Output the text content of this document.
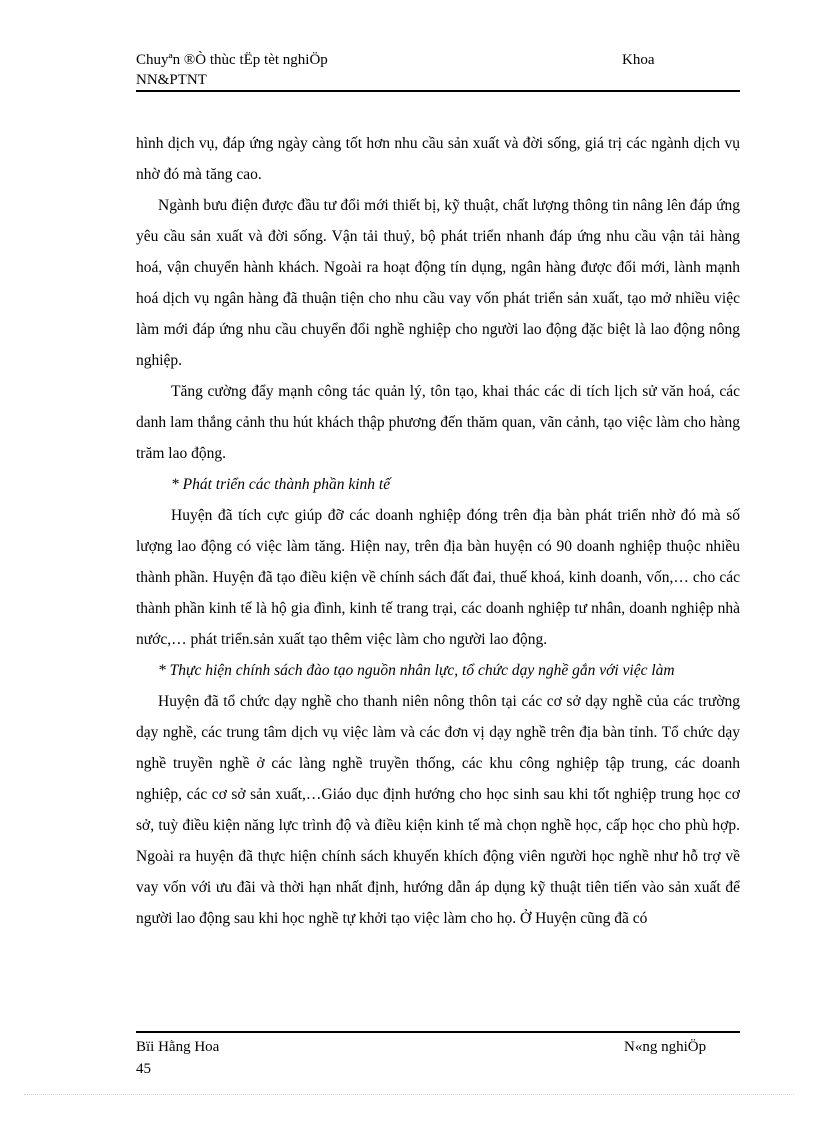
Chuyªn ®Ò thùc tËp tèt nghiÖp
NN&PTNT
Khoa

hình dịch vụ, đáp ứng ngày càng tốt hơn nhu cầu sản xuất và đời sống, giá trị các ngành dịch vụ nhờ đó mà tăng cao.

Ngành bưu điện được đầu tư đổi mới thiết bị, kỹ thuật, chất lượng thông tin nâng lên đáp ứng yêu cầu sản xuất và đời sống. Vận tải thuỷ, bộ phát triển nhanh đáp ứng nhu cầu vận tải hàng hoá, vận chuyển hành khách. Ngoài ra hoạt động tín dụng, ngân hàng được đổi mới, lành mạnh hoá dịch vụ ngân hàng đã thuận tiện cho nhu cầu vay vốn phát triển sản xuất, tạo mở nhiều việc làm mới đáp ứng nhu cầu chuyển đổi nghề nghiệp cho người lao động đặc biệt là lao động nông nghiệp.

Tăng cường đẩy mạnh công tác quản lý, tôn tạo, khai thác các di tích lịch sử văn hoá, các danh lam thắng cảnh thu hút khách thập phương đến thăm quan, vãn cảnh, tạo việc làm cho hàng trăm lao động.

* Phát triển các thành phần kinh tế

Huyện đã tích cực giúp đỡ các doanh nghiệp đóng trên địa bàn phát triển nhờ đó mà số lượng lao động có việc làm tăng. Hiện nay, trên địa bàn huyện có 90 doanh nghiệp thuộc nhiều thành phần. Huyện đã tạo điều kiện về chính sách đất đai, thuế khoá, kinh doanh, vốn,… cho các thành phần kinh tế là hộ gia đình, kinh tế trang trại, các doanh nghiệp tư nhân, doanh nghiệp nhà nước,… phát triển.sản xuất tạo thêm việc làm cho người lao động.

* Thực hiện chính sách đào tạo nguồn nhân lực, tổ chức dạy nghề gắn với việc làm

Huyện đã tổ chức dạy nghề cho thanh niên nông thôn tại các cơ sở dạy nghề của các trường dạy nghề, các trung tâm dịch vụ việc làm và các đơn vị dạy nghề trên địa bàn tỉnh. Tổ chức dạy nghề truyền nghề ở các làng nghề truyền thống, các khu công nghiệp tập trung, các doanh nghiệp, các cơ sở sản xuất,…Giáo dục định hướng cho học sinh sau khi tốt nghiệp trung học cơ sở, tuỳ điều kiện năng lực trình độ và điều kiện kinh tế mà chọn nghề học, cấp học cho phù hợp. Ngoài ra huyện đã thực hiện chính sách khuyến khích động viên người học nghề như hỗ trợ về vay vốn với ưu đãi và thời hạn nhất định, hướng dẫn áp dụng kỹ thuật tiên tiến vào sản xuất để người lao động sau khi học nghề tự khởi tạo việc làm cho họ. Ở Huyện cũng đã có

Bïi Hằng Hoa
45
N«ng nghiÖp
